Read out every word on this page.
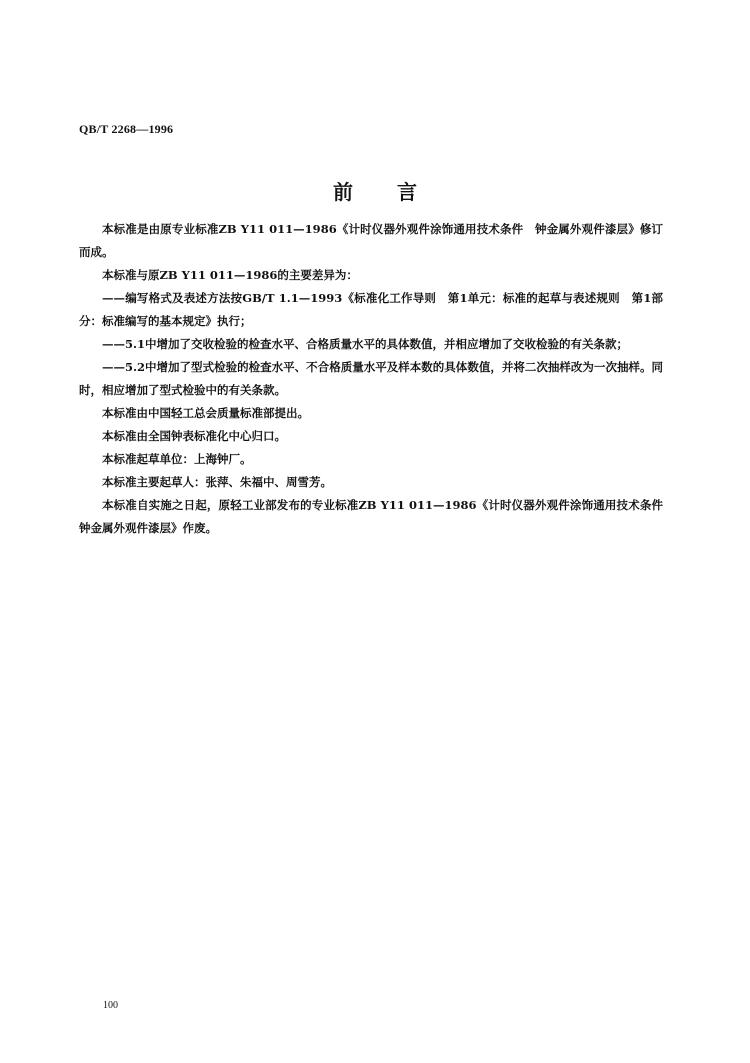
QB/T 2268—1996
前言

本标准是由原专业标准ZB Y11 011—1986《计时仪器外观件涂饰通用技术条件　钟金属外观件漆层》修订而成。

本标准与原ZB Y11 011—1986的主要差异为：

——编写格式及表述方法按GB/T 1.1—1993《标准化工作导则　第1单元：标准的起草与表述规则　第1部分：标准编写的基本规定》执行；

——5.1中增加了交收检验的检查水平、合格质量水平的具体数值，并相应增加了交收检验的有关条款；

——5.2中增加了型式检验的检查水平、不合格质量水平及样本数的具体数值，并将二次抽样改为一次抽样。同时，相应增加了型式检验中的有关条款。

本标准由中国轻工总会质量标准部提出。

本标准由全国钟表标准化中心归口。

本标准起草单位：上海钟厂。

本标准主要起草人：张萍、朱福中、周雪芳。

本标准自实施之日起，原轻工业部发布的专业标准ZB Y11 011—1986《计时仪器外观件涂饰通用技术条件　钟金属外观件漆层》作废。

100
